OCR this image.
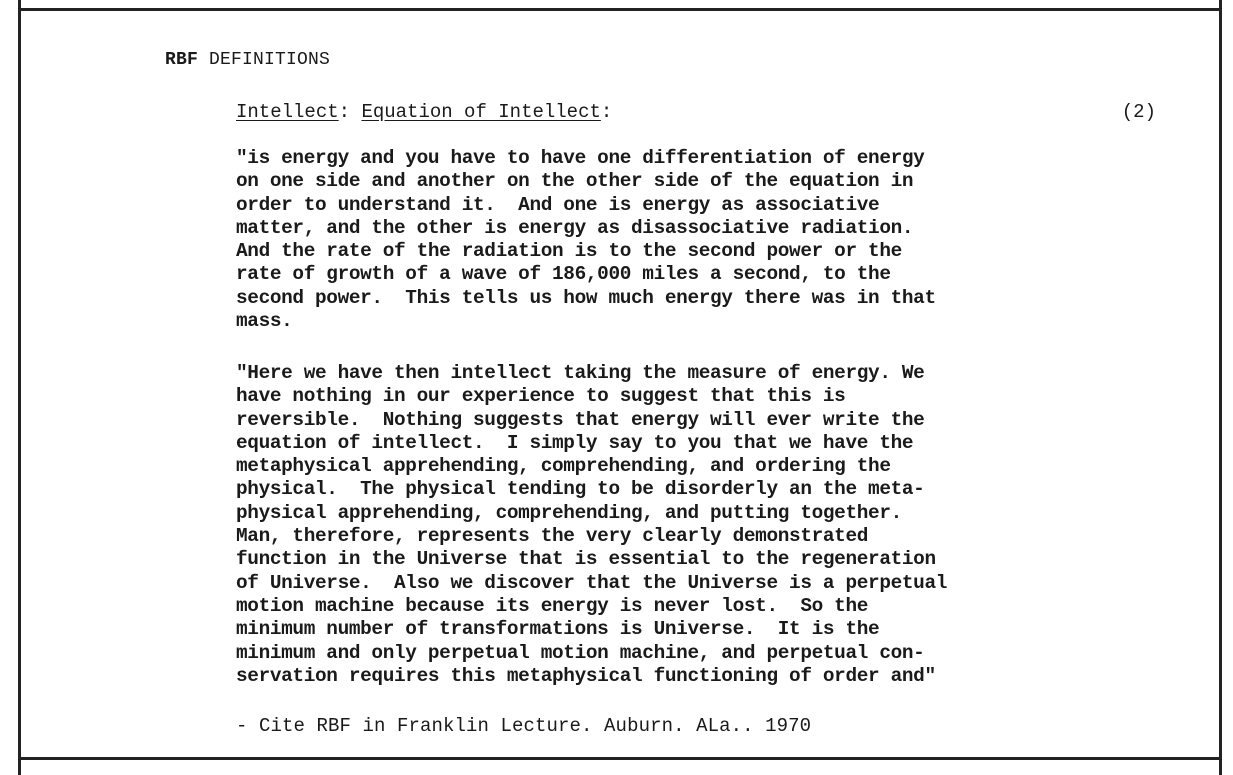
RBF DEFINITIONS
Intellect: Equation of Intellect:	(2)
"is energy and you have to have one differentiation of energy
on one side and another on the other side of the equation in
order to understand it.  And one is energy as associative
matter, and the other is energy as disassociative radiation.
And the rate of the radiation is to the second power or the
rate of growth of a wave of 186,000 miles a second, to the
second power.  This tells us how much energy there was in that
mass.
"Here we have then intellect taking the measure of energy. We
have nothing in our experience to suggest that this is
reversible.  Nothing suggests that energy will ever write the
equation of intellect.  I simply say to you that we have the
metaphysical apprehending, comprehending, and ordering the
physical.  The physical tending to be disorderly an the meta-
physical apprehending, comprehending, and putting together.
Man, therefore, represents the very clearly demonstrated
function in the Universe that is essential to the regeneration
of Universe.  Also we discover that the Universe is a perpetual
motion machine because its energy is never lost.  So the
minimum number of transformations is Universe.  It is the
minimum and only perpetual motion machine, and perpetual con-
servation requires this metaphysical functioning of order and"
- Cite RBF in Franklin Lecture. Auburn. ALa.. 1970
